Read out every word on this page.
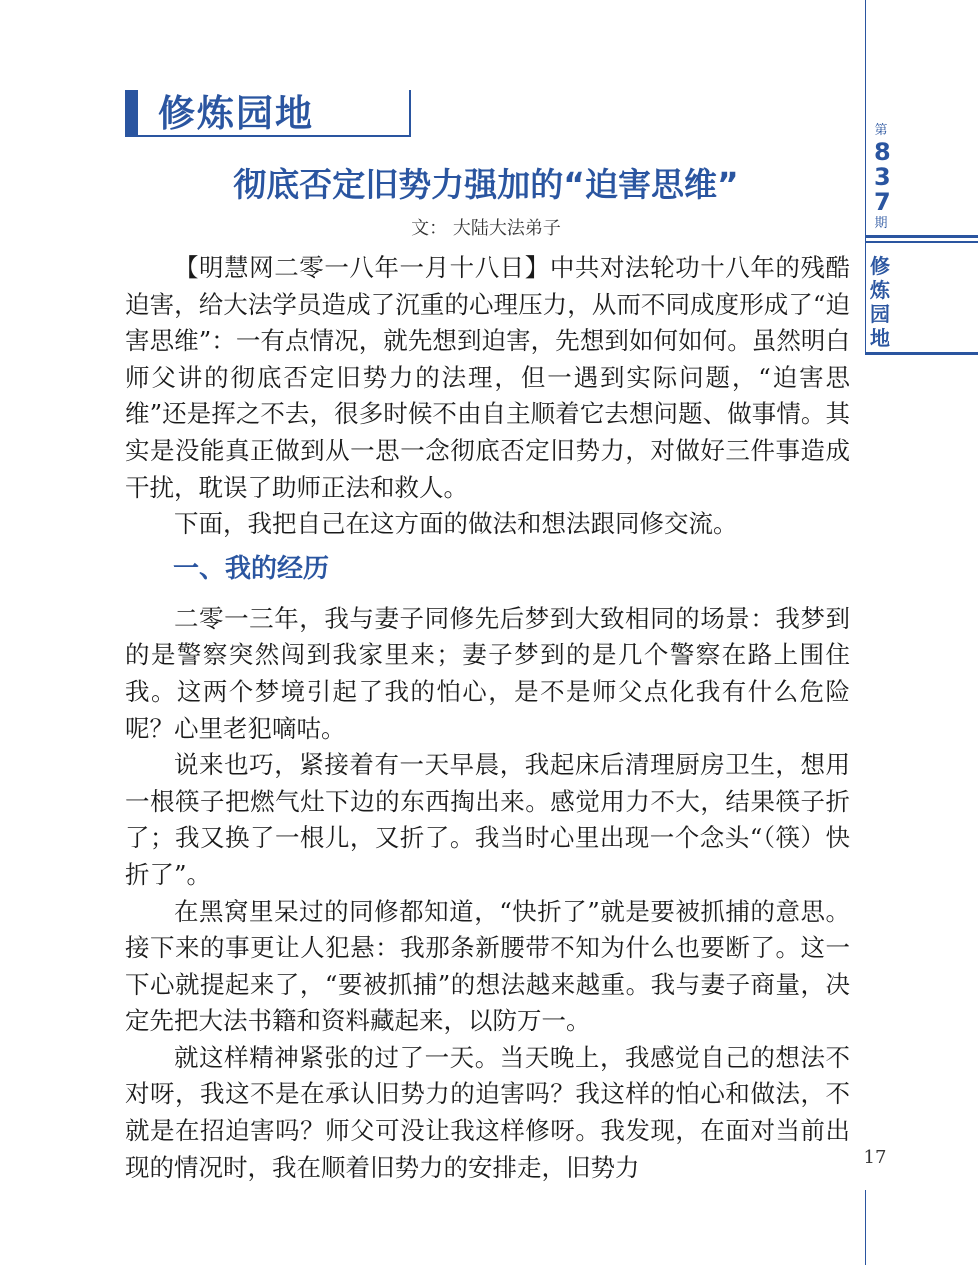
修炼园地
彻底否定旧势力强加的“迫害思维”
文： 大陆大法弟子

【明慧网二零一八年一月十八日】中共对法轮功十八年的残酷迫害，给大法学员造成了沉重的心理压力，从而不同成度形成了“迫害思维”：一有点情况，就先想到迫害，先想到如何如何。虽然明白师父讲的彻底否定旧势力的法理，但一遇到实际问题，“迫害思维”还是挥之不去，很多时候不由自主顺着它去想问题、做事情。其实是没能真正做到从一思一念彻底否定旧势力，对做好三件事造成干扰，耽误了助师正法和救人。

下面，我把自己在这方面的做法和想法跟同修交流。

一、我的经历

二零一三年，我与妻子同修先后梦到大致相同的场景：我梦到的是警察突然闯到我家里来；妻子梦到的是几个警察在路上围住我。这两个梦境引起了我的怕心，是不是师父点化我有什么危险呢？心里老犯嘀咕。

说来也巧，紧接着有一天早晨，我起床后清理厨房卫生，想用一根筷子把燃气灶下边的东西掏出来。感觉用力不大，结果筷子折了；我又换了一根儿，又折了。我当时心里出现一个念头“（筷）快折了”。

在黑窝里呆过的同修都知道，“快折了”就是要被抓捕的意思。接下来的事更让人犯悬：我那条新腰带不知为什么也要断了。这一下心就提起来了，“要被抓捕”的想法越来越重。我与妻子商量，决定先把大法书籍和资料藏起来，以防万一。

就这样精神紧张的过了一天。当天晚上，我感觉自己的想法不对呀，我这不是在承认旧势力的迫害吗？我这样的怕心和做法，不就是在招迫害吗？师父可没让我这样修呀。我发现，在面对当前出现的情况时，我在顺着旧势力的安排走，旧势力

第
837
期
修炼园地
17
